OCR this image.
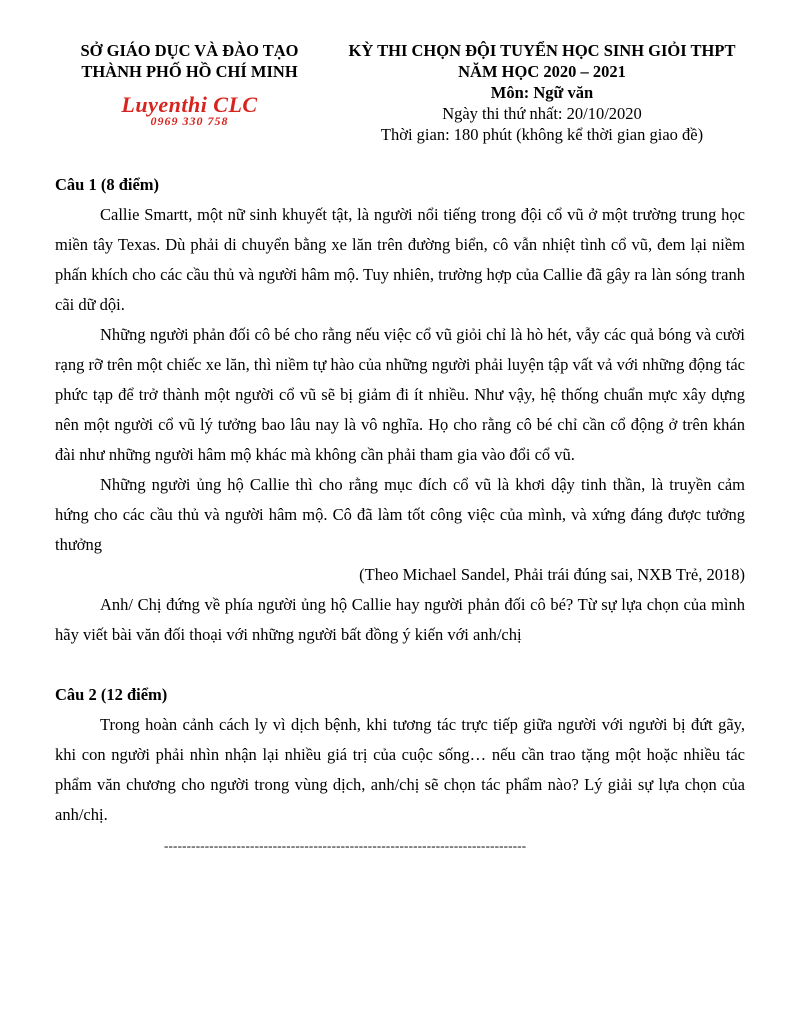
SỞ GIÁO DỤC VÀ ĐÀO TẠO
THÀNH PHỐ HỒ CHÍ MINH
Luyenthi CLC
0969 330 758
KỲ THI CHỌN ĐỘI TUYỂN HỌC SINH GIỎI THPT
NĂM HỌC 2020 – 2021
Môn: Ngữ văn
Ngày thi thứ nhất: 20/10/2020
Thời gian: 180 phút (không kể thời gian giao đề)

Câu 1 (8 điểm)

Callie Smartt, một nữ sinh khuyết tật, là người nổi tiếng trong đội cổ vũ ở một trường trung học miền tây Texas. Dù phải di chuyển bằng xe lăn trên đường biển, cô vẫn nhiệt tình cổ vũ, đem lại niềm phấn khích cho các cầu thủ và người hâm mộ. Tuy nhiên, trường hợp của Callie đã gây ra làn sóng tranh cãi dữ dội.

Những người phản đối cô bé cho rằng nếu việc cổ vũ giỏi chỉ là hò hét, vẫy các quả bóng và cười rạng rỡ trên một chiếc xe lăn, thì niềm tự hào của những người phải luyện tập vất vả với những động tác phức tạp để trở thành một người cổ vũ sẽ bị giảm đi ít nhiều. Như vậy, hệ thống chuẩn mực xây dựng nên một người cổ vũ lý tưởng bao lâu nay là vô nghĩa. Họ cho rằng cô bé chỉ cần cổ động ở trên khán đài như những người hâm mộ khác mà không cần phải tham gia vào đổi cổ vũ.

Những người ủng hộ Callie thì cho rằng mục đích cổ vũ là khơi dậy tinh thần, là truyền cảm hứng cho các cầu thủ và người hâm mộ. Cô đã làm tốt công việc của mình, và xứng đáng được tưởng thưởng

(Theo Michael Sandel, Phải trái đúng sai, NXB Trẻ, 2018)

Anh/ Chị đứng về phía người ủng hộ Callie hay người phản đối cô bé? Từ sự lựa chọn của mình hãy viết bài văn đối thoại với những người bất đồng ý kiến với anh/chị

Câu 2 (12 điểm)

Trong hoàn cảnh cách ly vì dịch bệnh, khi tương tác trực tiếp giữa người với người bị đứt gãy, khi con người phải nhìn nhận lại nhiều giá trị của cuộc sống… nếu cần trao tặng một hoặc nhiều tác phẩm văn chương cho người trong vùng dịch, anh/chị sẽ chọn tác phẩm nào? Lý giải sự lựa chọn của anh/chị.

--------------------------------------------------------------------------------
